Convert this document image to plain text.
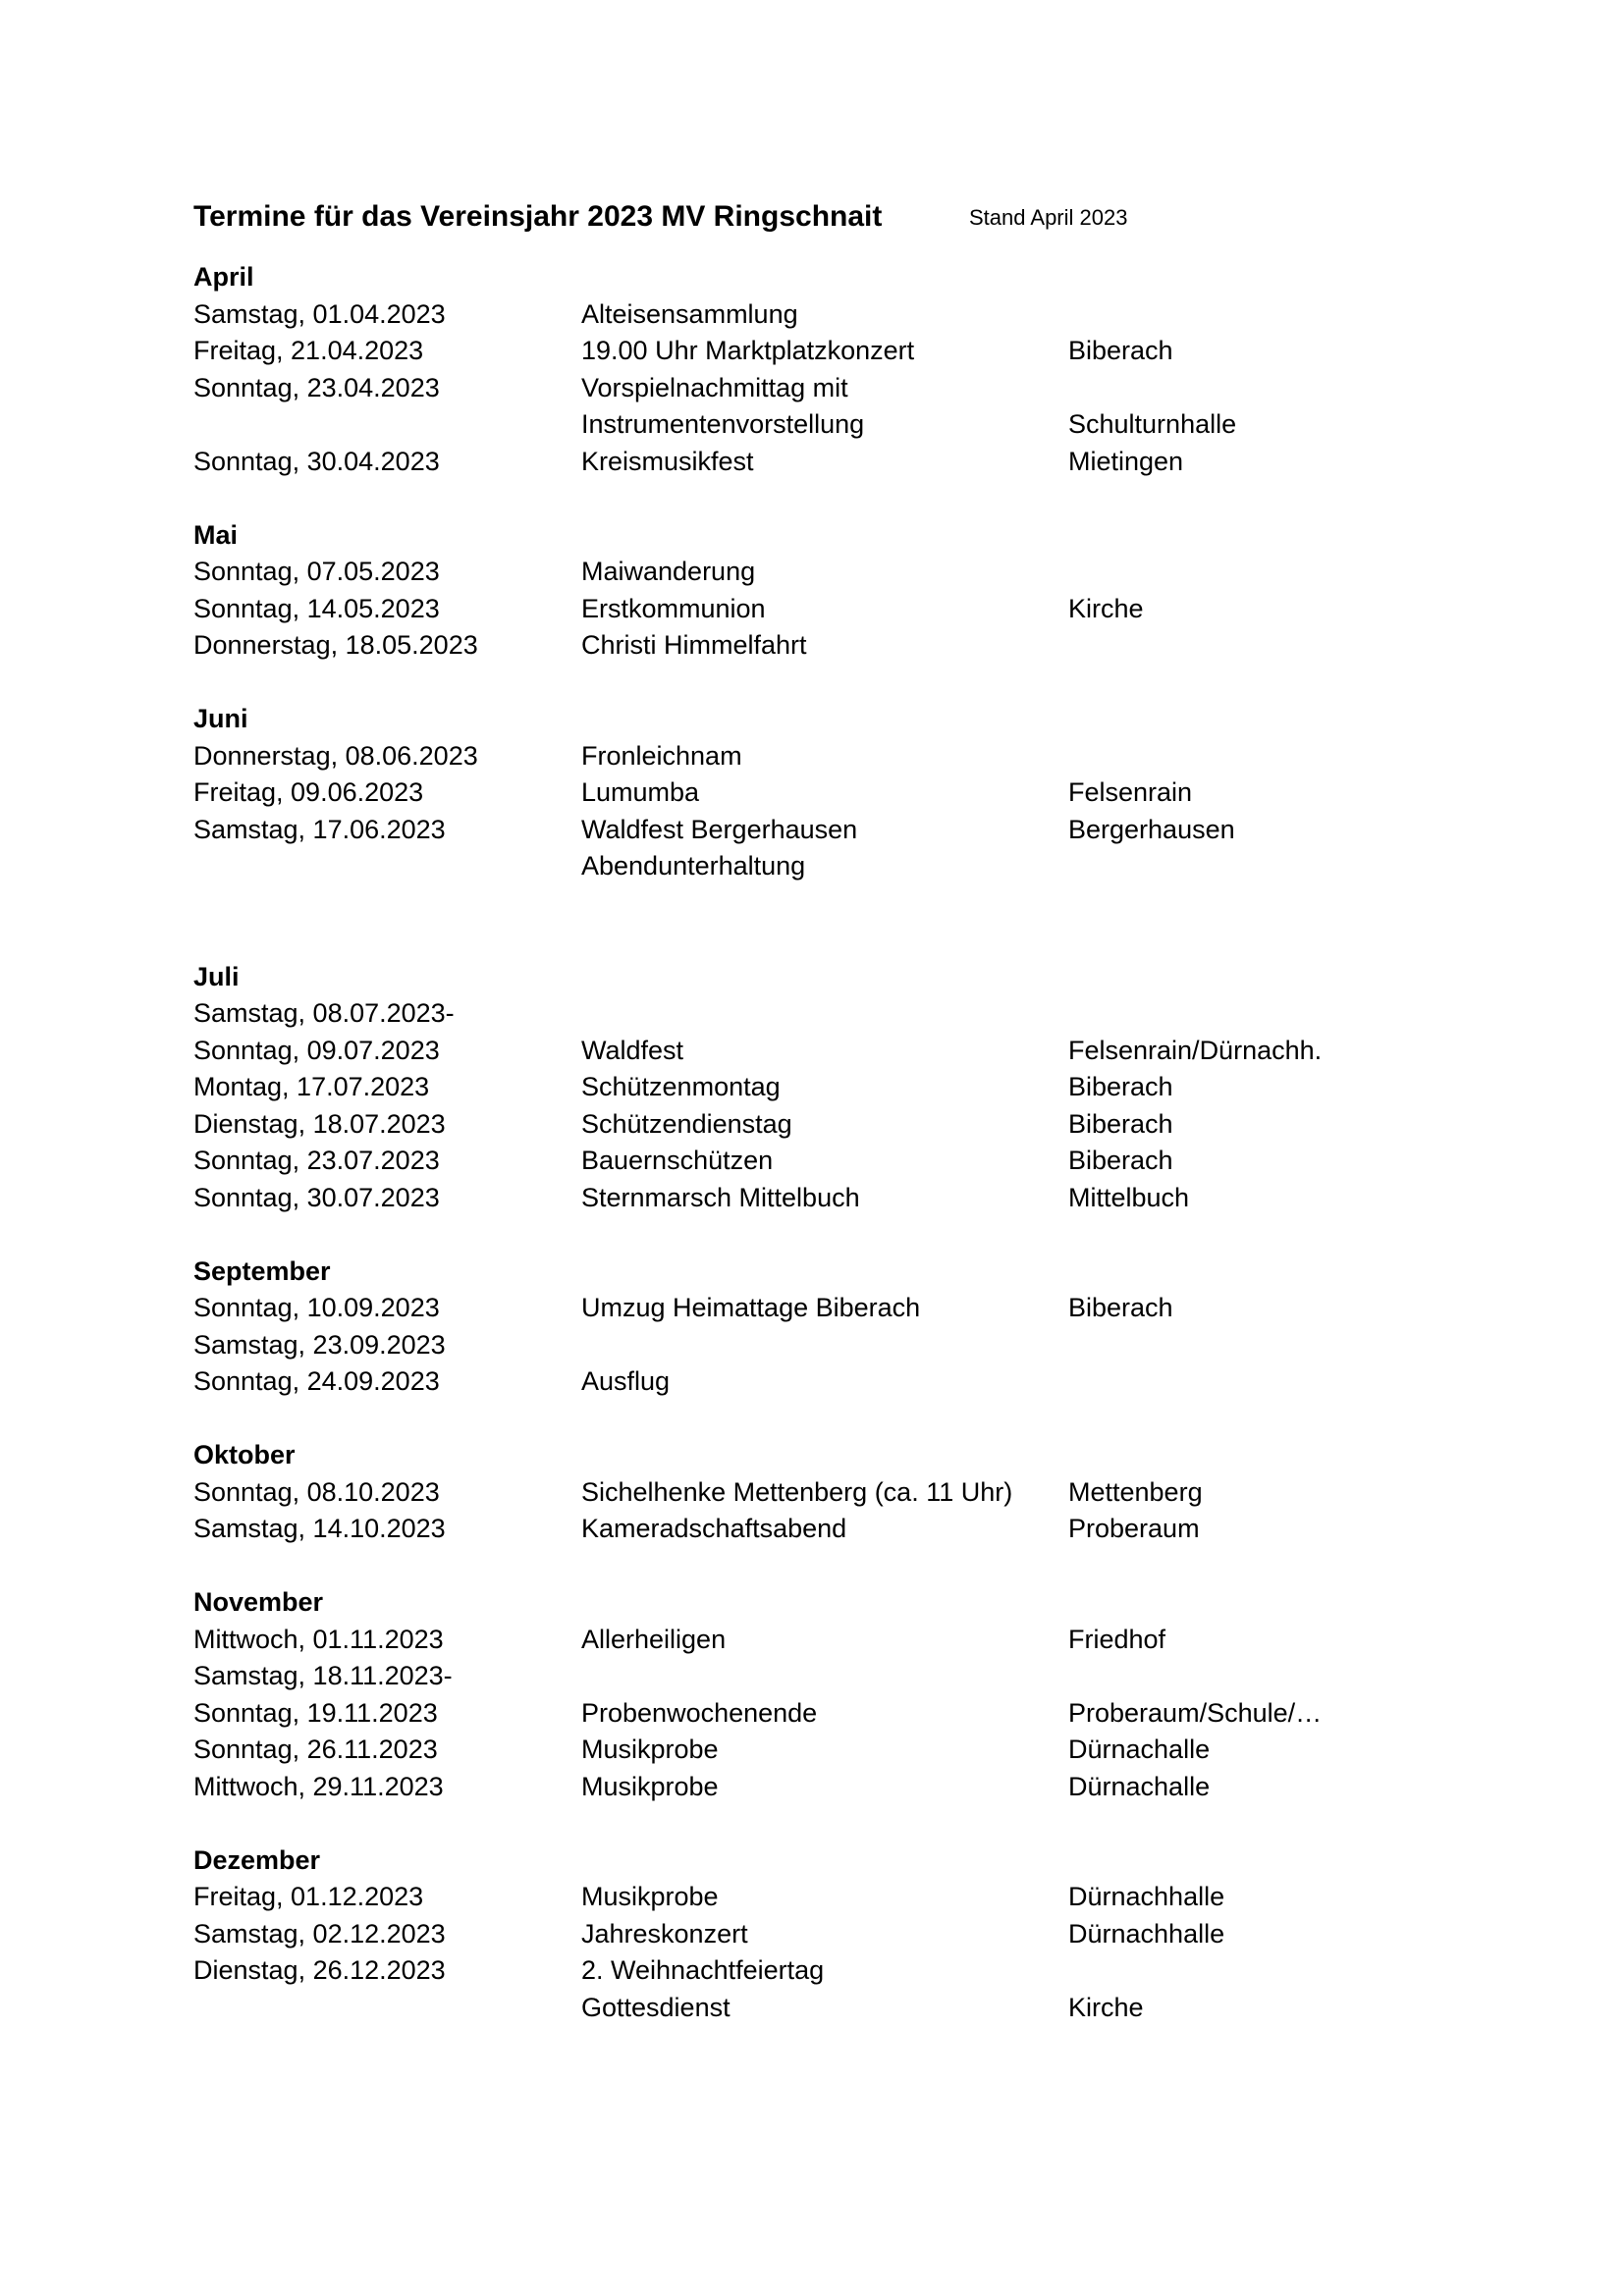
Termine für das Vereinsjahr 2023 MV Ringschnait	Stand April 2023
April
Samstag, 01.04.2023	Alteisensammlung
Freitag, 21.04.2023	19.00 Uhr Marktplatzkonzert	Biberach
Sonntag, 23.04.2023	Vorspielnachmittag mit
Instrumentenvorstellung	Schulturnhalle
Sonntag, 30.04.2023	Kreismusikfest	Mietingen
Mai
Sonntag, 07.05.2023	Maiwanderung
Sonntag, 14.05.2023	Erstkommunion	Kirche
Donnerstag, 18.05.2023	Christi Himmelfahrt
Juni
Donnerstag, 08.06.2023	Fronleichnam
Freitag, 09.06.2023	Lumumba	Felsenrain
Samstag, 17.06.2023	Waldfest Bergerhausen	Bergerhausen
Abendunterhaltung
Juli
Samstag, 08.07.2023-
Sonntag, 09.07.2023	Waldfest	Felsenrain/Dürnachh.
Montag, 17.07.2023	Schützenmontag	Biberach
Dienstag, 18.07.2023	Schützendienstag	Biberach
Sonntag, 23.07.2023	Bauernschützen	Biberach
Sonntag, 30.07.2023	Sternmarsch Mittelbuch	Mittelbuch
September
Sonntag, 10.09.2023	Umzug Heimattage Biberach	Biberach
Samstag, 23.09.2023
Sonntag, 24.09.2023	Ausflug
Oktober
Sonntag, 08.10.2023	Sichelhenke Mettenberg (ca. 11 Uhr) Mettenberg
Samstag, 14.10.2023	Kameradschaftsabend	Proberaum
November
Mittwoch, 01.11.2023	Allerheiligen	Friedhof
Samstag, 18.11.2023-
Sonntag, 19.11.2023	Probenwochenende	Proberaum/Schule/…
Sonntag, 26.11.2023	Musikprobe	Dürnachalle
Mittwoch, 29.11.2023	Musikprobe	Dürnachalle
Dezember
Freitag, 01.12.2023	Musikprobe	Dürnachhalle
Samstag, 02.12.2023	Jahreskonzert	Dürnachhalle
Dienstag, 26.12.2023	2. Weihnachtfeiertag
Gottesdienst	Kirche
